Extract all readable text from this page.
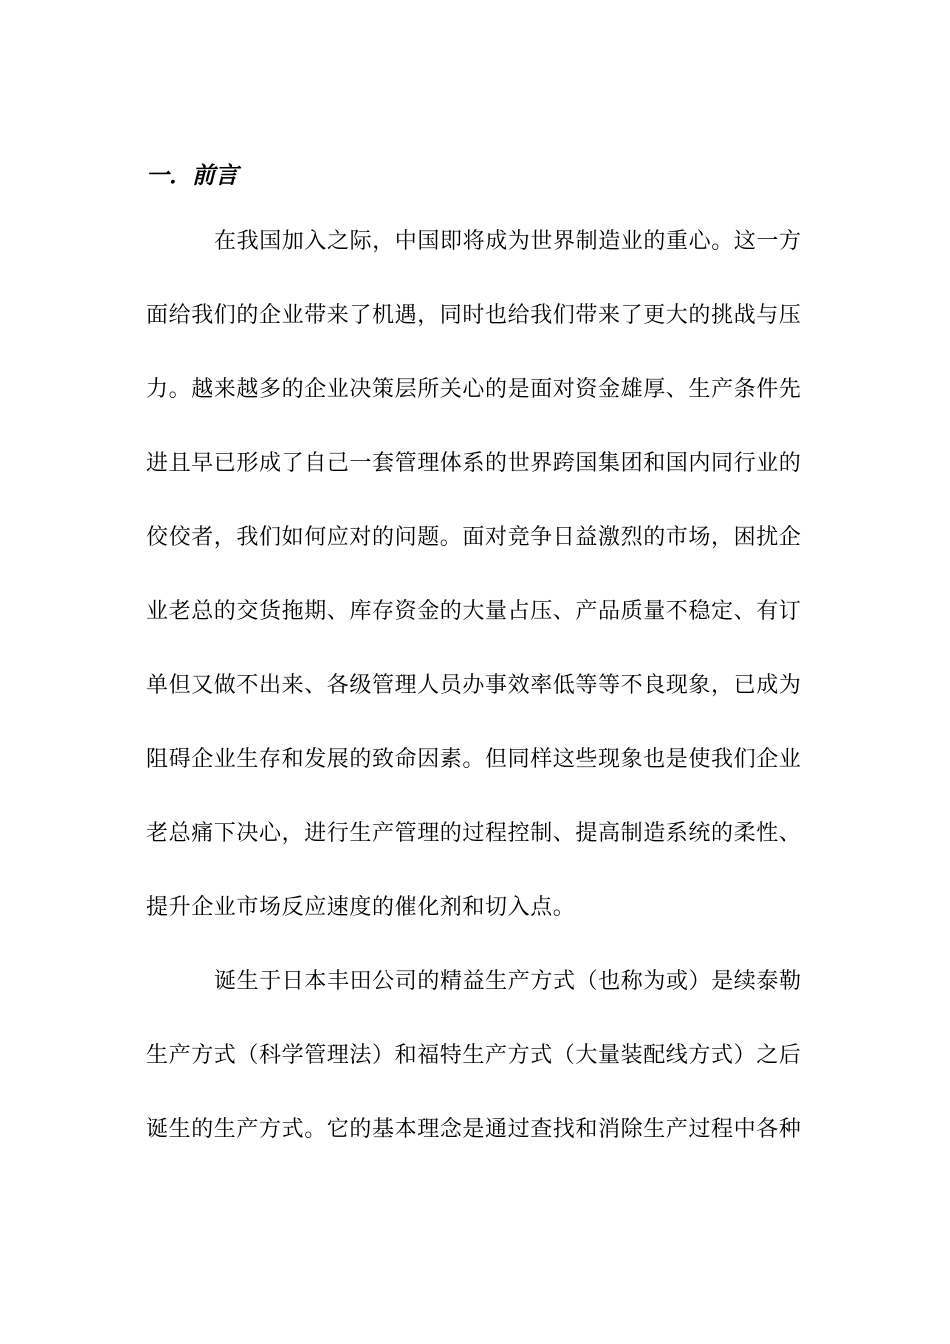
一．前言
在我国加入之际，中国即将成为世界制造业的重心。这一方
面给我们的企业带来了机遇，同时也给我们带来了更大的挑战与压
力。越来越多的企业决策层所关心的是面对资金雄厚、生产条件先
进且早已形成了自己一套管理体系的世界跨国集团和国内同行业的
佼佼者，我们如何应对的问题。面对竞争日益激烈的市场，困扰企
业老总的交货拖期、库存资金的大量占压、产品质量不稳定、有订
单但又做不出来、各级管理人员办事效率低等等不良现象，已成为
阻碍企业生存和发展的致命因素。但同样这些现象也是使我们企业
老总痛下决心，进行生产管理的过程控制、提高制造系统的柔性、
提升企业市场反应速度的催化剂和切入点。
诞生于日本丰田公司的精益生产方式（也称为或）是续泰勒
生产方式（科学管理法）和福特生产方式（大量装配线方式）之后
诞生的生产方式。它的基本理念是通过查找和消除生产过程中各种
